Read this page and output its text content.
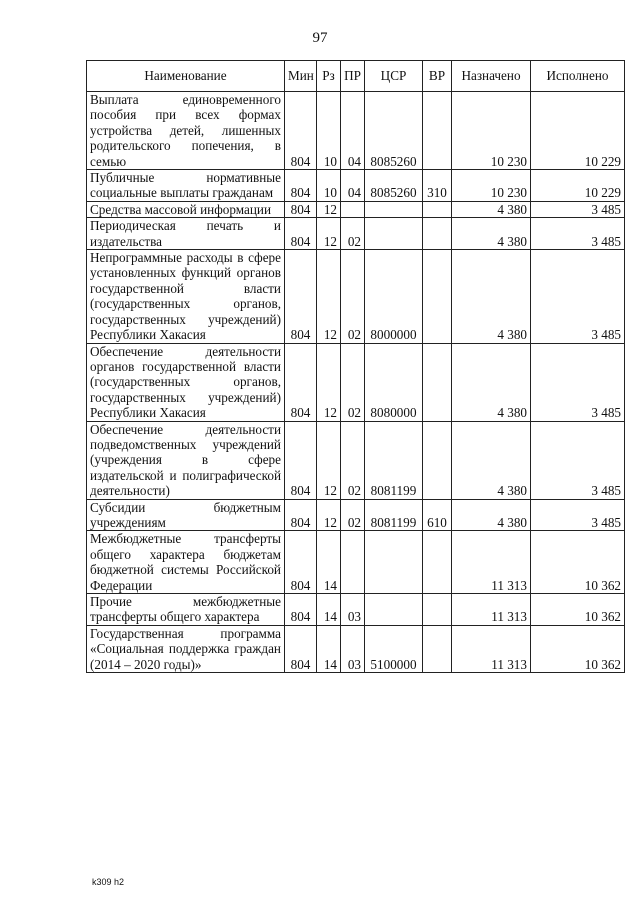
97
Наименование	Мин	Рз	ПР	ЦСР	ВР	Назначено	Исполнено
Выплата единовременного пособия при всех формах устройства детей, лишенных родительского попечения, в семью	804	10	04	8085260		10 230	10 229
Публичные нормативные социальные выплаты гражданам	804	10	04	8085260	310	10 230	10 229
Средства массовой информации	804	12				4 380	3 485
Периодическая печать и издательства	804	12	02			4 380	3 485
Непрограммные расходы в сфере установленных функций органов государственной власти (государственных органов, государственных учреждений) Республики Хакасия	804	12	02	8000000		4 380	3 485
Обеспечение деятельности органов государственной власти (государственных органов, государственных учреждений) Республики Хакасия	804	12	02	8080000		4 380	3 485
Обеспечение деятельности подведомственных учреждений (учреждения в сфере издательской и полиграфической деятельности)	804	12	02	8081199		4 380	3 485
Субсидии бюджетным учреждениям	804	12	02	8081199	610	4 380	3 485
Межбюджетные трансферты общего характера бюджетам бюджетной системы Российской Федерации	804	14				11 313	10 362
Прочие межбюджетные трансферты общего характера	804	14	03			11 313	10 362
Государственная программа «Социальная поддержка граждан (2014 – 2020 годы)»	804	14	03	5100000		11 313	10 362
k309 h2
